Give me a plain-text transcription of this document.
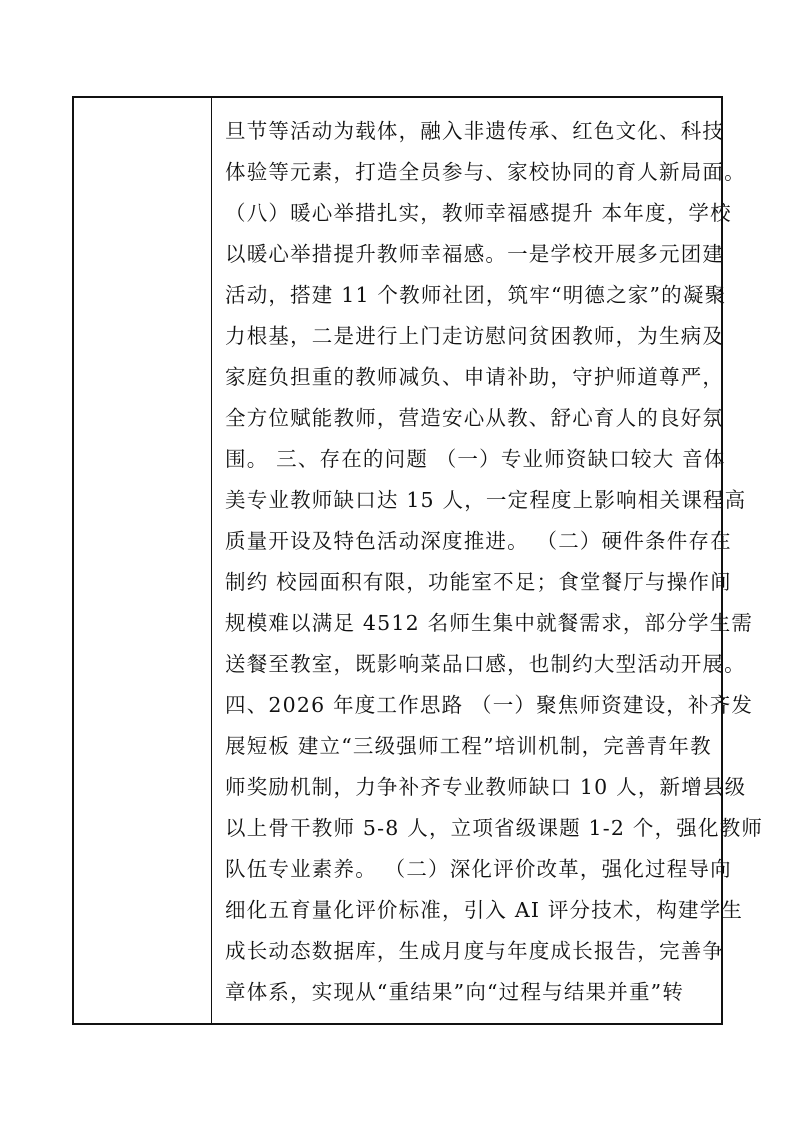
旦节等活动为载体，融入非遗传承、红色文化、科技
体验等元素，打造全员参与、家校协同的育人新局面。
（八）暖心举措扎实，教师幸福感提升 本年度，学校
以暖心举措提升教师幸福感。一是学校开展多元团建
活动，搭建 11 个教师社团，筑牢“明德之家”的凝聚
力根基，二是进行上门走访慰问贫困教师，为生病及
家庭负担重的教师减负、申请补助，守护师道尊严，
全方位赋能教师，营造安心从教、舒心育人的良好氛
围。 三、存在的问题 （一）专业师资缺口较大 音体
美专业教师缺口达 15 人，一定程度上影响相关课程高
质量开设及特色活动深度推进。 （二）硬件条件存在
制约 校园面积有限，功能室不足；食堂餐厅与操作间
规模难以满足 4512 名师生集中就餐需求，部分学生需
送餐至教室，既影响菜品口感，也制约大型活动开展。
四、2026 年度工作思路 （一）聚焦师资建设，补齐发
展短板 建立“三级强师工程”培训机制，完善青年教
师奖励机制，力争补齐专业教师缺口 10 人，新增县级
以上骨干教师 5-8 人，立项省级课题 1-2 个，强化教师
队伍专业素养。 （二）深化评价改革，强化过程导向
细化五育量化评价标准，引入 AI 评分技术，构建学生
成长动态数据库，生成月度与年度成长报告，完善争
章体系，实现从“重结果”向“过程与结果并重”转
